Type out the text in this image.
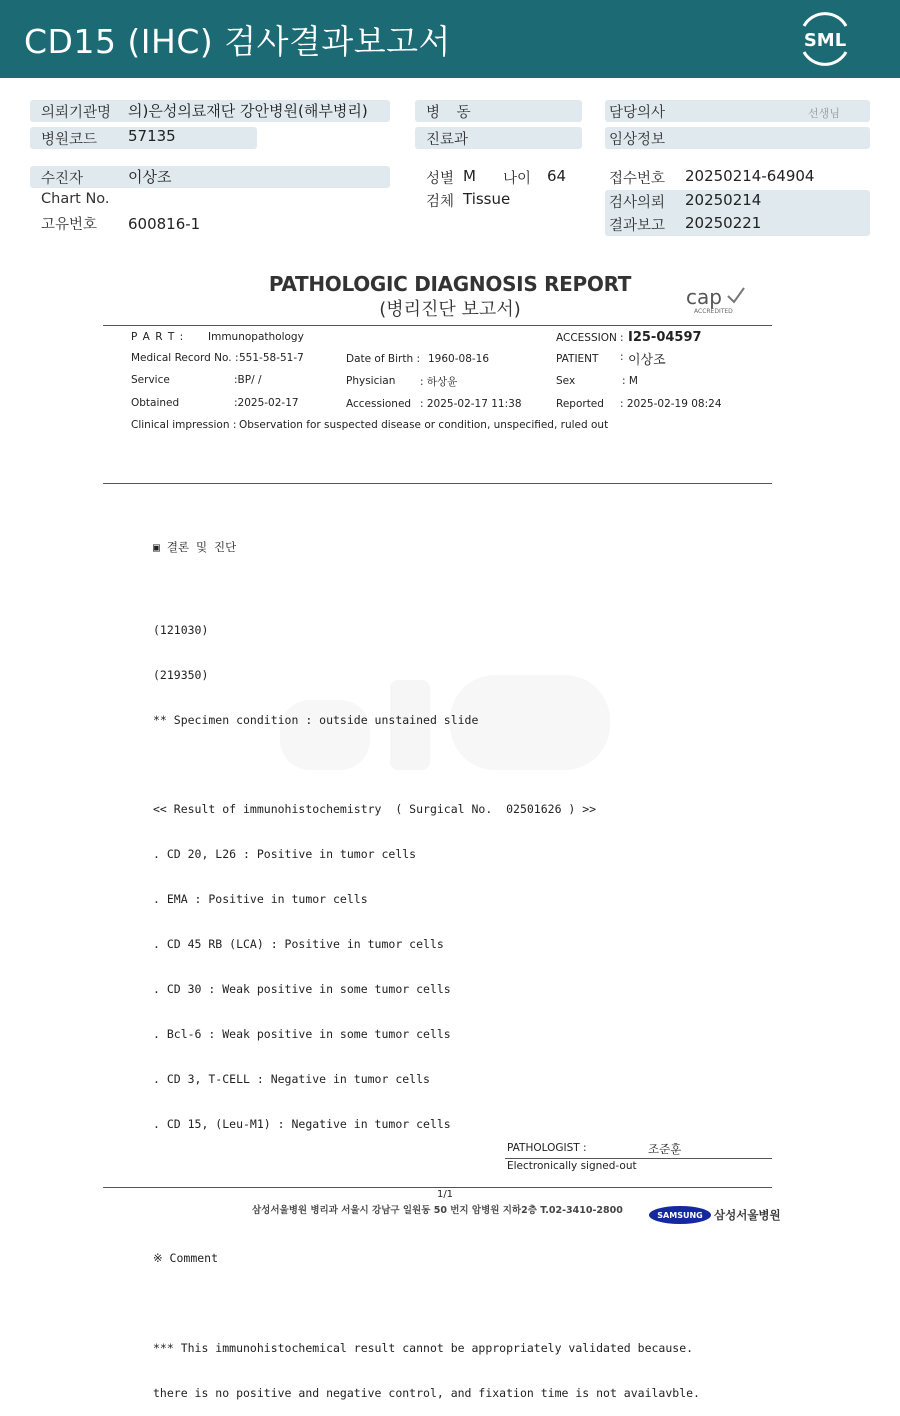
CD15 (IHC) 검사결과보고서	SML
의뢰기관명 의)은성의료재단 강안병원(해부병리)
병원코드 57135
병 동
진료과
담당의사	선생님
임상정보
수진자	이상조
Chart No.
고유번호 600816-1
성별 M 나이 64
검체 Tissue
접수번호 20250214-64904
검사의뢰 20250214
결과보고 20250221
PATHOLOGIC DIAGNOSIS REPORT
(병리진단 보고서)
cap
ACCREDITED
P A R T : Immunopathology	ACCESSION : I25-04597
Medical Record No. : 551-58-51-7	Date of Birth : 1960-08-16	PATIENT : 이상조
Service	:BP/ /	Physician : 하상윤	Sex	: M
Obtained	:2025-02-17	Accessioned : 2025-02-17 11:38	Reported : 2025-02-19 08:24
Clinical impression : Observation for suspected disease or condition, unspecified, ruled out

▣ 결론 및 진단

(121030)

(219350)

** Specimen condition : outside unstained slide

<< Result of immunohistochemistry  ( Surgical No.  02501626 ) >>

. CD 20, L26 : Positive in tumor cells

. EMA : Positive in tumor cells

. CD 45 RB (LCA) : Positive in tumor cells

. CD 30 : Weak positive in some tumor cells

. Bcl-6 : Weak positive in some tumor cells

. CD 3, T-CELL : Negative in tumor cells

. CD 15, (Leu-M1) : Negative in tumor cells

※ Comment

*** This immunohistochemical result cannot be appropriately validated because.

there is no positive and negative control, and fixation time is not availavble.

PATHOLOGIST :	조준훈
Electronically signed-out
1/1
삼성서울병원 병리과 서울시 강남구 일원동 50 번지 암병원 지하2층 T.02-3410-2800	SAMSUNG 삼성서울병원
